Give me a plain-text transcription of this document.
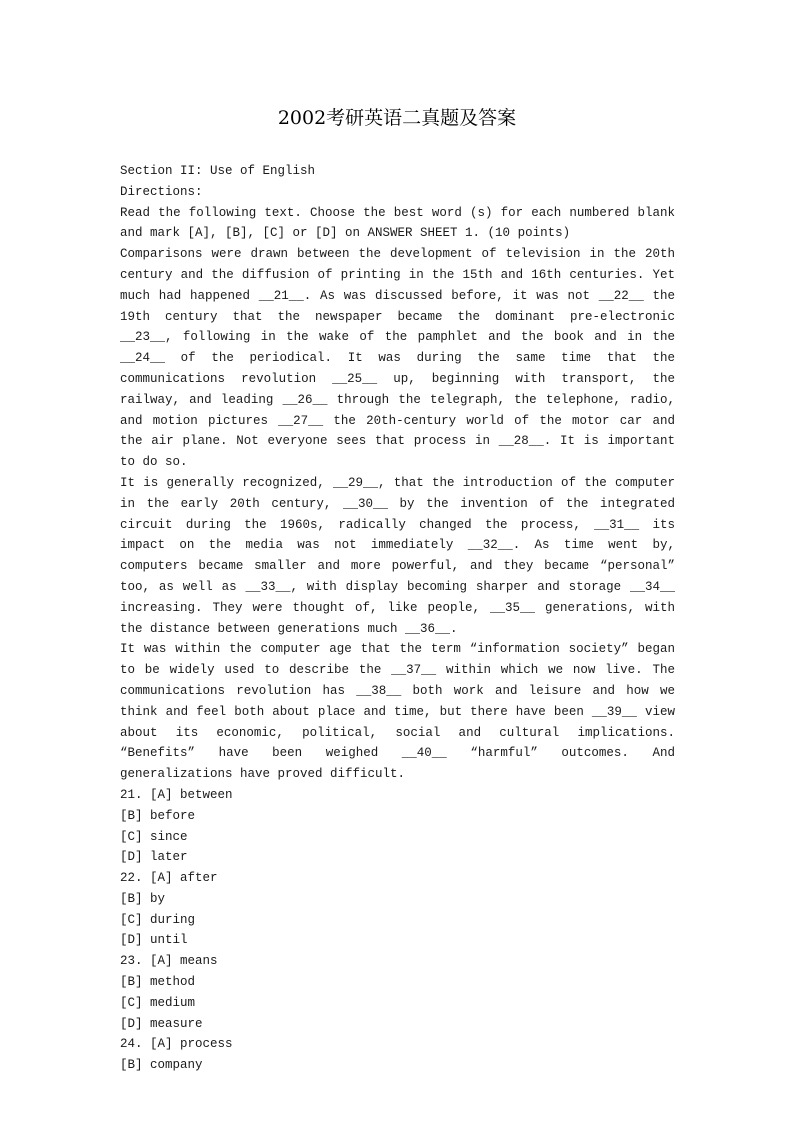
2002考研英语二真题及答案
Section II: Use of English
Directions:
Read the following text. Choose the best word (s) for each numbered blank and mark [A], [B], [C] or [D] on ANSWER SHEET 1. (10 points)
Comparisons were drawn between the development of television in the 20th century and the diffusion of printing in the 15th and 16th centuries. Yet much had happened __21__. As was discussed before, it was not __22__ the 19th century that the newspaper became the dominant pre-electronic __23__, following in the wake of the pamphlet and the book and in the __24__ of the periodical. It was during the same time that the communications revolution __25__ up, beginning with transport, the railway, and leading __26__ through the telegraph, the telephone, radio, and motion pictures __27__ the 20th-century world of the motor car and the air plane. Not everyone sees that process in __28__. It is important to do so.
It is generally recognized, __29__, that the introduction of the computer in the early 20th century, __30__ by the invention of the integrated circuit during the 1960s, radically changed the process, __31__ its impact on the media was not immediately __32__. As time went by, computers became smaller and more powerful, and they became “personal” too, as well as __33__, with display becoming sharper and storage __34__ increasing. They were thought of, like people, __35__ generations, with the distance between generations much __36__.
It was within the computer age that the term “information society” began to be widely used to describe the __37__ within which we now live. The communications revolution has __38__ both work and leisure and how we think and feel both about place and time, but there have been __39__ view about its economic, political, social and cultural implications. “Benefits” have been weighed __40__ “harmful” outcomes. And generalizations have proved difficult.
21. [A] between
[B] before
[C] since
[D] later
22. [A] after
[B] by
[C] during
[D] until
23. [A] means
[B] method
[C] medium
[D] measure
24. [A] process
[B] company
